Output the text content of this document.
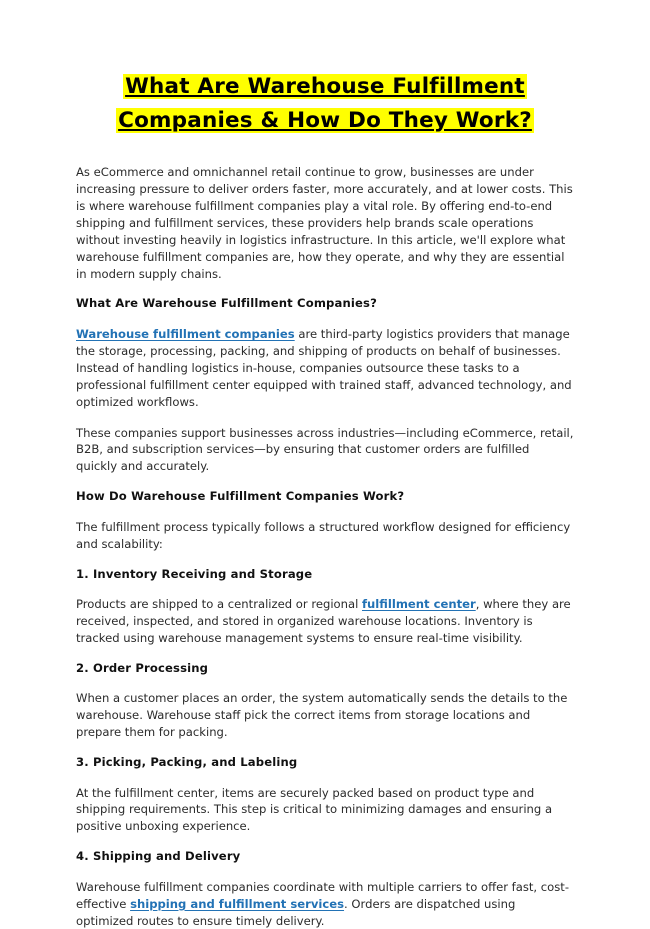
What Are Warehouse Fulfillment
Companies & How Do They Work?

As eCommerce and omnichannel retail continue to grow, businesses are under increasing pressure to deliver orders faster, more accurately, and at lower costs. This is where warehouse fulfillment companies play a vital role. By offering end-to-end shipping and fulfillment services, these providers help brands scale operations without investing heavily in logistics infrastructure. In this article, we'll explore what warehouse fulfillment companies are, how they operate, and why they are essential in modern supply chains.

What Are Warehouse Fulfillment Companies?

Warehouse fulfillment companies are third-party logistics providers that manage the storage, processing, packing, and shipping of products on behalf of businesses. Instead of handling logistics in-house, companies outsource these tasks to a professional fulfillment center equipped with trained staff, advanced technology, and optimized workflows.

These companies support businesses across industries—including eCommerce, retail, B2B, and subscription services—by ensuring that customer orders are fulfilled quickly and accurately.

How Do Warehouse Fulfillment Companies Work?

The fulfillment process typically follows a structured workflow designed for efficiency and scalability:

1. Inventory Receiving and Storage

Products are shipped to a centralized or regional fulfillment center, where they are received, inspected, and stored in organized warehouse locations. Inventory is tracked using warehouse management systems to ensure real-time visibility.

2. Order Processing

When a customer places an order, the system automatically sends the details to the warehouse. Warehouse staff pick the correct items from storage locations and prepare them for packing.

3. Picking, Packing, and Labeling

At the fulfillment center, items are securely packed based on product type and shipping requirements. This step is critical to minimizing damages and ensuring a positive unboxing experience.

4. Shipping and Delivery

Warehouse fulfillment companies coordinate with multiple carriers to offer fast, cost-effective shipping and fulfillment services. Orders are dispatched using optimized routes to ensure timely delivery.
